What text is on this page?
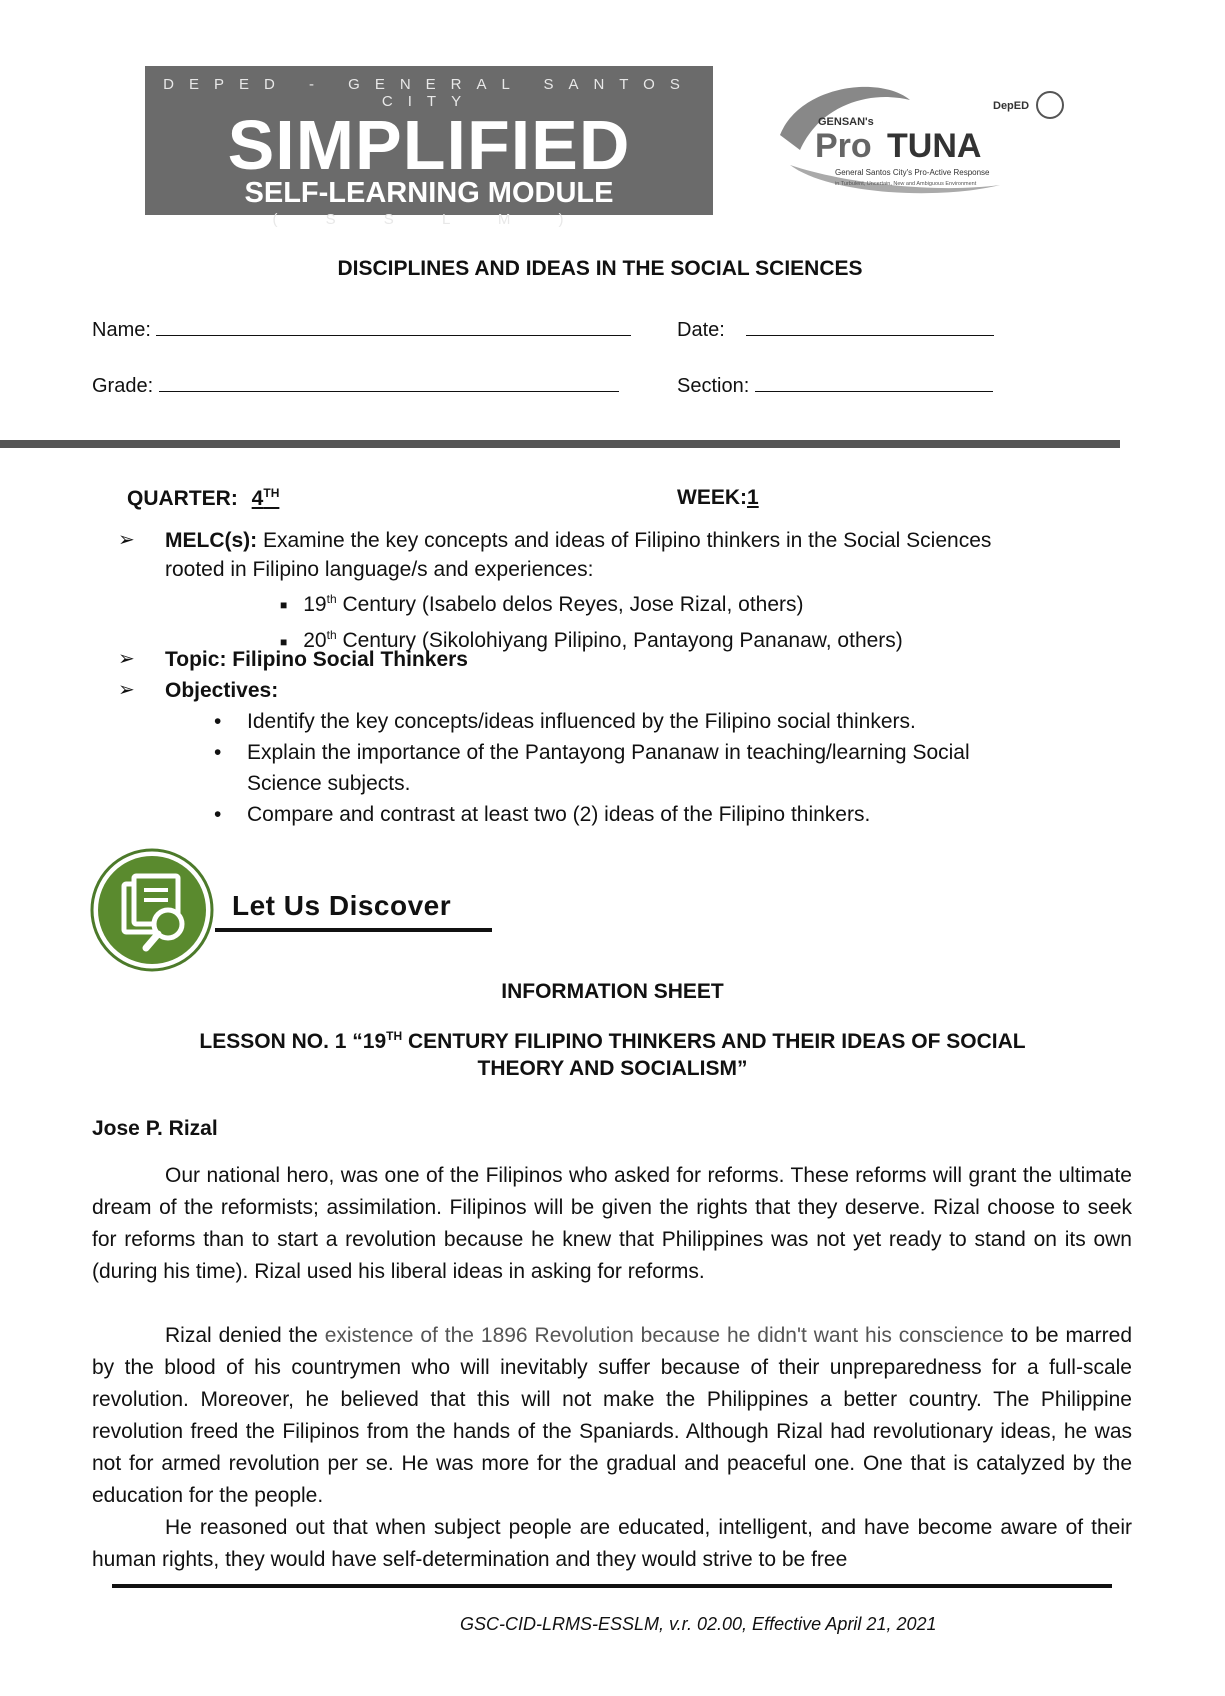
DEPED - GENERAL SANTOS CITY
SIMPLIFIED
SELF-LEARNING MODULE
( S S L M )
GENSAN's
Pro TUNA
DepED
General Santos City's Pro-Active Response
in Turbulent, Uncertain, New and Ambiguous Environment
DISCIPLINES AND IDEAS IN THE SOCIAL SCIENCES
Name:	Date:
Grade:	Section:
QUARTER: 4TH	WEEK:1
➢ MELC(s): Examine the key concepts and ideas of Filipino thinkers in the Social Sciences
rooted in Filipino language/s and experiences:
■ 19th Century (Isabelo delos Reyes, Jose Rizal, others)
■ 20th Century (Sikolohiyang Pilipino, Pantayong Pananaw, others)
➢ Topic: Filipino Social Thinkers
➢ Objectives:
• Identify the key concepts/ideas influenced by the Filipino social thinkers.
• Explain the importance of the Pantayong Pananaw in teaching/learning Social
Science subjects.
• Compare and contrast at least two (2) ideas of the Filipino thinkers.
Let Us Discover
INFORMATION SHEET
LESSON NO. 1 “19TH CENTURY FILIPINO THINKERS AND THEIR IDEAS OF SOCIAL
THEORY AND SOCIALISM”
Jose P. Rizal
Our national hero, was one of the Filipinos who asked for reforms. These reforms will grant the ultimate dream of the reformists; assimilation. Filipinos will be given the rights that they deserve. Rizal choose to seek for reforms than to start a revolution because he knew that Philippines was not yet ready to stand on its own (during his time). Rizal used his liberal ideas in asking for reforms.
Rizal denied the existence of the 1896 Revolution because he didn't want his conscience to be marred by the blood of his countrymen who will inevitably suffer because of their unpreparedness for a full-scale revolution. Moreover, he believed that this will not make the Philippines a better country. The Philippine revolution freed the Filipinos from the hands of the Spaniards. Although Rizal had revolutionary ideas, he was not for armed revolution per se. He was more for the gradual and peaceful one. One that is catalyzed by the education for the people.
He reasoned out that when subject people are educated, intelligent, and have become aware of their human rights, they would have self-determination and they would strive to be free
GSC-CID-LRMS-ESSLM, v.r. 02.00, Effective April 21, 2021
